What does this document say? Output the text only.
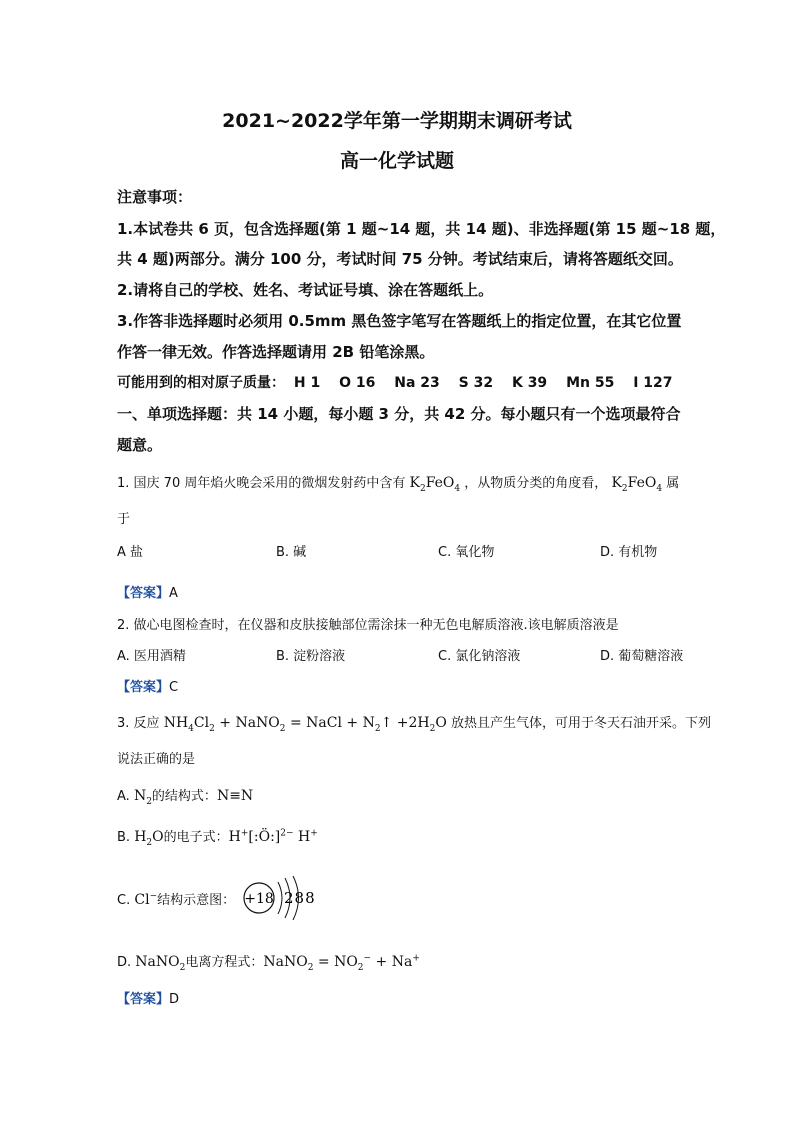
2021~2022学年第一学期期末调研考试
高一化学试题
注意事项：
1.本试卷共 6 页，包含选择题(第 1 题~14 题，共 14 题)、非选择题(第 15 题~18 题，
共 4 题)两部分。满分 100 分，考试时间 75 分钟。考试结束后，请将答题纸交回。
2.请将自己的学校、姓名、考试证号填、涂在答题纸上。
3.作答非选择题时必须用 0.5mm 黑色签字笔写在答题纸上的指定位置，在其它位置
作答一律无效。作答选择题请用 2B 铅笔涂黑。
可能用到的相对原子质量： H 1 O 16 Na 23 S 32 K 39 Mn 55 I 127
一、单项选择题：共 14 小题，每小题 3 分，共 42 分。每小题只有一个选项最符合
题意。
1. 国庆 70 周年焰火晚会采用的微烟发射药中含有 $K_2FeO_4$ ，从物质分类的角度看， $K_2FeO_4$ 属
于
A 盐	B. 碱	C. 氧化物	D. 有机物
【答案】A
2. 做心电图检查时，在仪器和皮肤接触部位需涂抹一种无色电解质溶液.该电解质溶液是
A. 医用酒精	B. 淀粉溶液	C. 氯化钠溶液	D. 葡萄糖溶液
【答案】C
3. 反应 $NH_4Cl_2$ + NaNO$_2$ = NaCl + $N_2↑ +2H_2O$ 放热且产生气体，可用于冬天石油开采。下列
说法正确的是
A. $N_2$的结构式：N≡N
B. $H_2O$的电子式：H+[:Ö:]$^{2-}$ H+
C. Cl−结构示意图： +18 288
D. NaNO$_2$电离方程式：NaNO$_2$ = $NO_2^- + Na^+$
【答案】D
